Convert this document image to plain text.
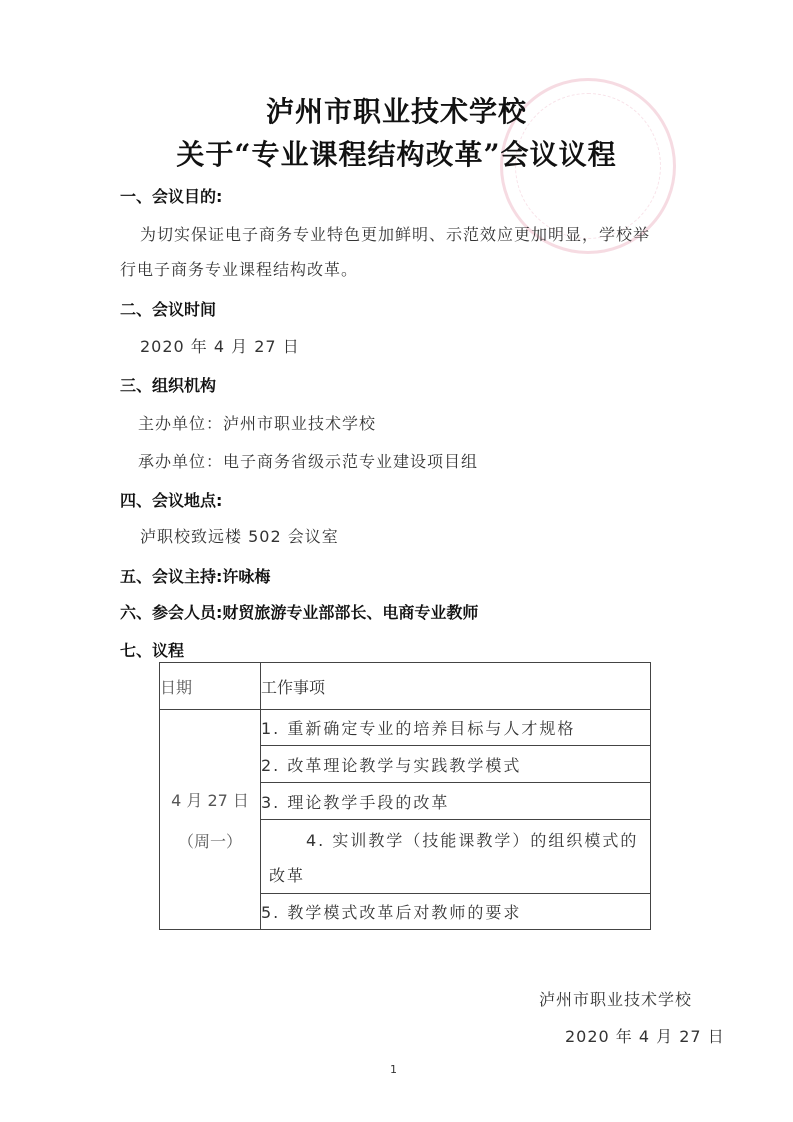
泸州市职业技术学校
关于“专业课程结构改革”会议议程
一、会议目的:
为切实保证电子商务专业特色更加鲜明、示范效应更加明显，学校举
行电子商务专业课程结构改革。
二、会议时间
2020 年 4 月 27 日
三、组织机构
主办单位：泸州市职业技术学校
承办单位：电子商务省级示范专业建设项目组
四、会议地点:
泸职校致远楼 502 会议室
五、会议主持:许咏梅
六、参会人员:财贸旅游专业部部长、电商专业教师
七、议程
日期	工作事项

4 月 27 日
（周一）	1. 重新确定专业的培养目标与人才规格
	2. 改革理论教学与实践教学模式
	3. 理论教学手段的改革

	4. 实训教学（技能课教学）的组织模式的
改革

	5. 教学模式改革后对教师的要求
泸州市职业技术学校
2020 年 4 月 27 日
1
